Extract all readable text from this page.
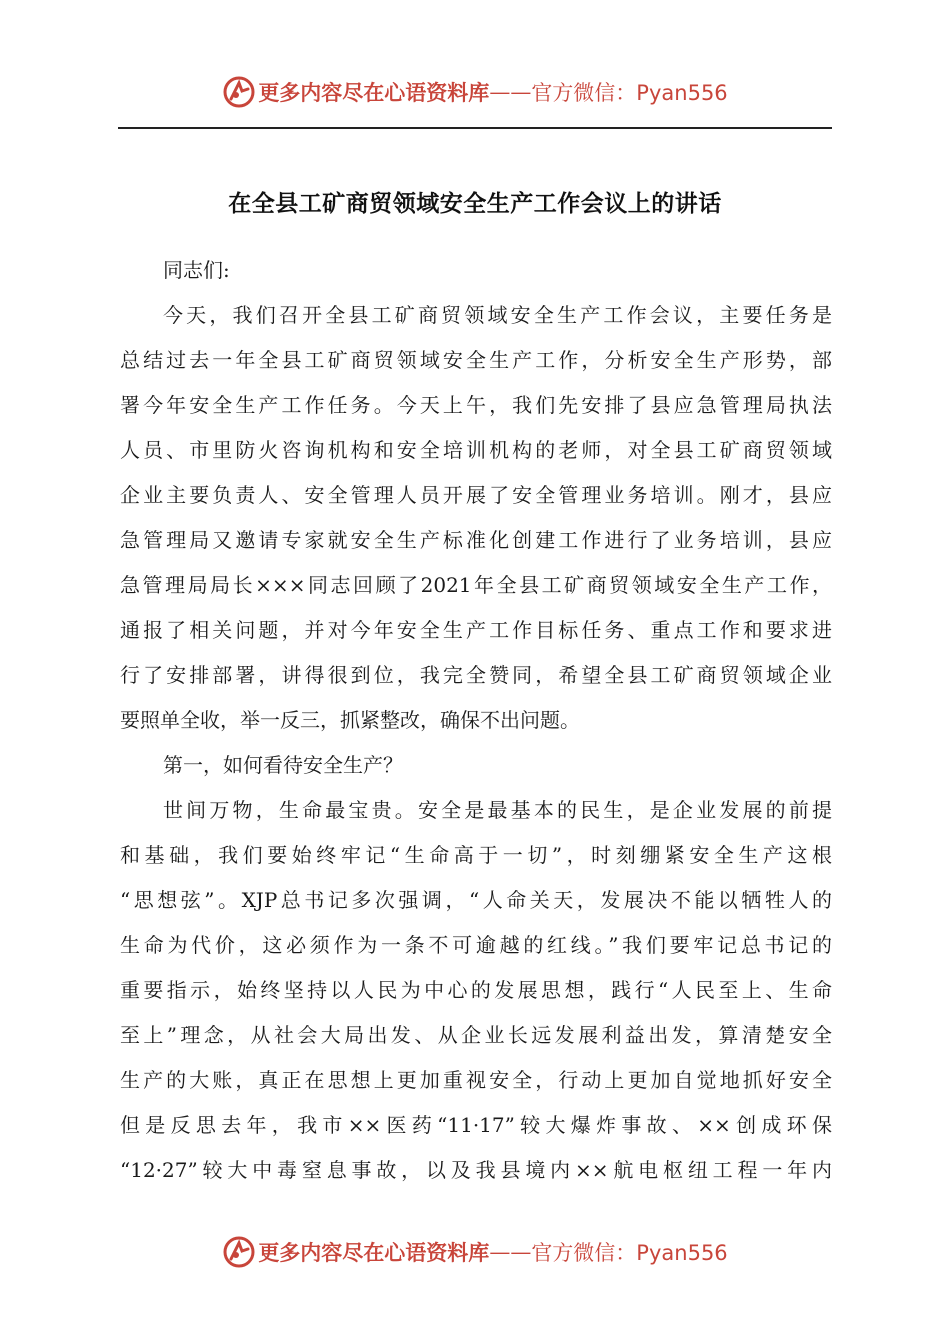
更多内容尽在心语资料库 —— 官方微信：Pyan556
在全县工矿商贸领域安全生产工作会议上的讲话
同志们:
今天，我们召开全县工矿商贸领域安全生产工作会议，主要任务是
总结过去一年全县工矿商贸领域安全生产工作，分析安全生产形势，部
署今年安全生产工作任务。今天上午，我们先安排了县应急管理局执法
人员、市里防火咨询机构和安全培训机构的老师，对全县工矿商贸领域
企业主要负责人、安全管理人员开展了安全管理业务培训。刚才，县应
急管理局又邀请专家就安全生产标准化创建工作进行了业务培训，县应
急管理局局长×××同志回顾了2021年全县工矿商贸领域安全生产工作，
通报了相关问题，并对今年安全生产工作目标任务、重点工作和要求进
行了安排部署，讲得很到位，我完全赞同，希望全县工矿商贸领域企业
要照单全收，举一反三，抓紧整改，确保不出问题。
第一，如何看待安全生产？
世间万物，生命最宝贵。安全是最基本的民生，是企业发展的前提
和基础，我们要始终牢记“生命高于一切”，时刻绷紧安全生产这根
“思想弦”。XJP总书记多次强调，“人命关天，发展决不能以牺牲人的
生命为代价，这必须作为一条不可逾越的红线。”我们要牢记总书记的
重要指示，始终坚持以人民为中心的发展思想，践行“人民至上、生命
至上”理念，从社会大局出发、从企业长远发展利益出发，算清楚安全
生产的大账，真正在思想上更加重视安全，行动上更加自觉地抓好安全
但是反思去年，我市××医药“11·17”较大爆炸事故、××创成环保
“12·27”较大中毒窒息事故，以及我县境内××航电枢纽工程一年内
更多内容尽在心语资料库 —— 官方微信：Pyan556
